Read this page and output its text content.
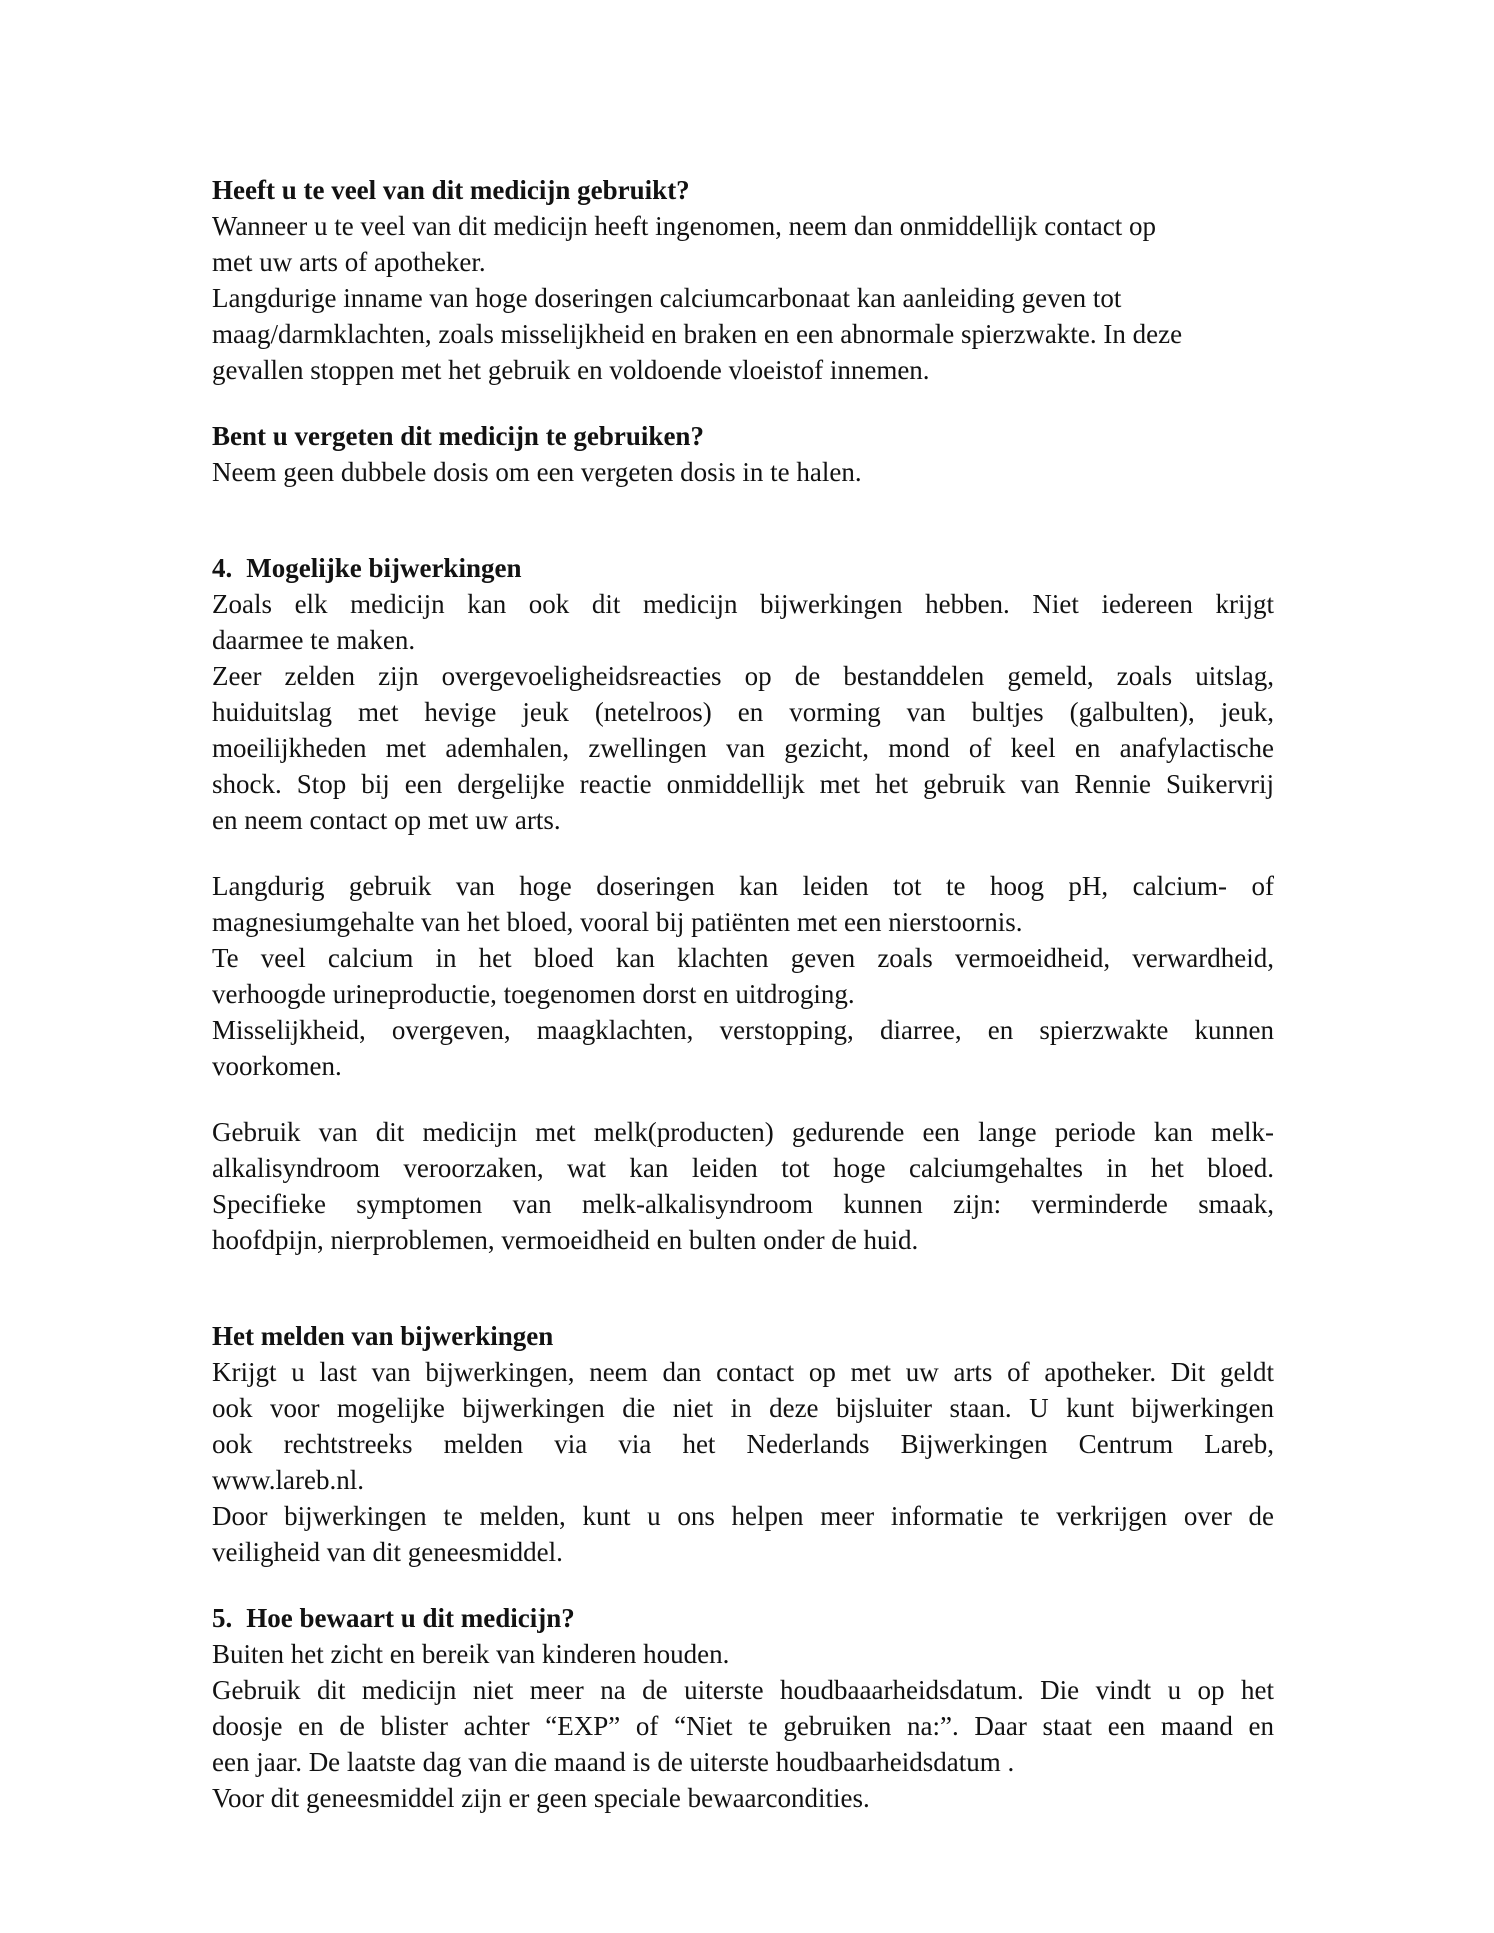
Heeft u te veel van dit medicijn gebruikt?
Wanneer u te veel van dit medicijn heeft ingenomen, neem dan onmiddellijk contact op
met uw arts of apotheker.
Langdurige inname van hoge doseringen calciumcarbonaat kan aanleiding geven tot
maag/darmklachten, zoals misselijkheid en braken en een abnormale spierzwakte. In deze
gevallen stoppen met het gebruik en voldoende vloeistof innemen.
Bent u vergeten dit medicijn te gebruiken?
Neem geen dubbele dosis om een vergeten dosis in te halen.
4. Mogelijke bijwerkingen
Zoals elk medicijn kan ook dit medicijn bijwerkingen hebben. Niet iedereen krijgt
daarmee te maken.
Zeer zelden zijn overgevoeligheidsreacties op de bestanddelen gemeld, zoals uitslag,
huiduitslag met hevige jeuk (netelroos) en vorming van bultjes (galbulten), jeuk,
moeilijkheden met ademhalen, zwellingen van gezicht, mond of keel en anafylactische
shock. Stop bij een dergelijke reactie onmiddellijk met het gebruik van Rennie Suikervrij
en neem contact op met uw arts.
Langdurig gebruik van hoge doseringen kan leiden tot te hoog pH, calcium- of
magnesiumgehalte van het bloed, vooral bij patiënten met een nierstoornis.
Te veel calcium in het bloed kan klachten geven zoals vermoeidheid, verwardheid,
verhoogde urineproductie, toegenomen dorst en uitdroging.
Misselijkheid, overgeven, maagklachten, verstopping, diarree, en spierzwakte kunnen
voorkomen.
Gebruik van dit medicijn met melk(producten) gedurende een lange periode kan melk-
alkalisyndroom veroorzaken, wat kan leiden tot hoge calciumgehaltes in het bloed.
Specifieke symptomen van melk-alkalisyndroom kunnen zijn: verminderde smaak,
hoofdpijn, nierproblemen, vermoeidheid en bulten onder de huid.
Het melden van bijwerkingen
Krijgt u last van bijwerkingen, neem dan contact op met uw arts of apotheker. Dit geldt
ook voor mogelijke bijwerkingen die niet in deze bijsluiter staan. U kunt bijwerkingen
ook rechtstreeks melden via via het Nederlands Bijwerkingen Centrum Lareb,
www.lareb.nl.
Door bijwerkingen te melden, kunt u ons helpen meer informatie te verkrijgen over de
veiligheid van dit geneesmiddel.
5. Hoe bewaart u dit medicijn?
Buiten het zicht en bereik van kinderen houden.
Gebruik dit medicijn niet meer na de uiterste houdbaaarheidsdatum. Die vindt u op het
doosje en de blister achter “EXP” of “Niet te gebruiken na:”. Daar staat een maand en
een jaar. De laatste dag van die maand is de uiterste houdbaarheidsdatum .
Voor dit geneesmiddel zijn er geen speciale bewaarcondities.
